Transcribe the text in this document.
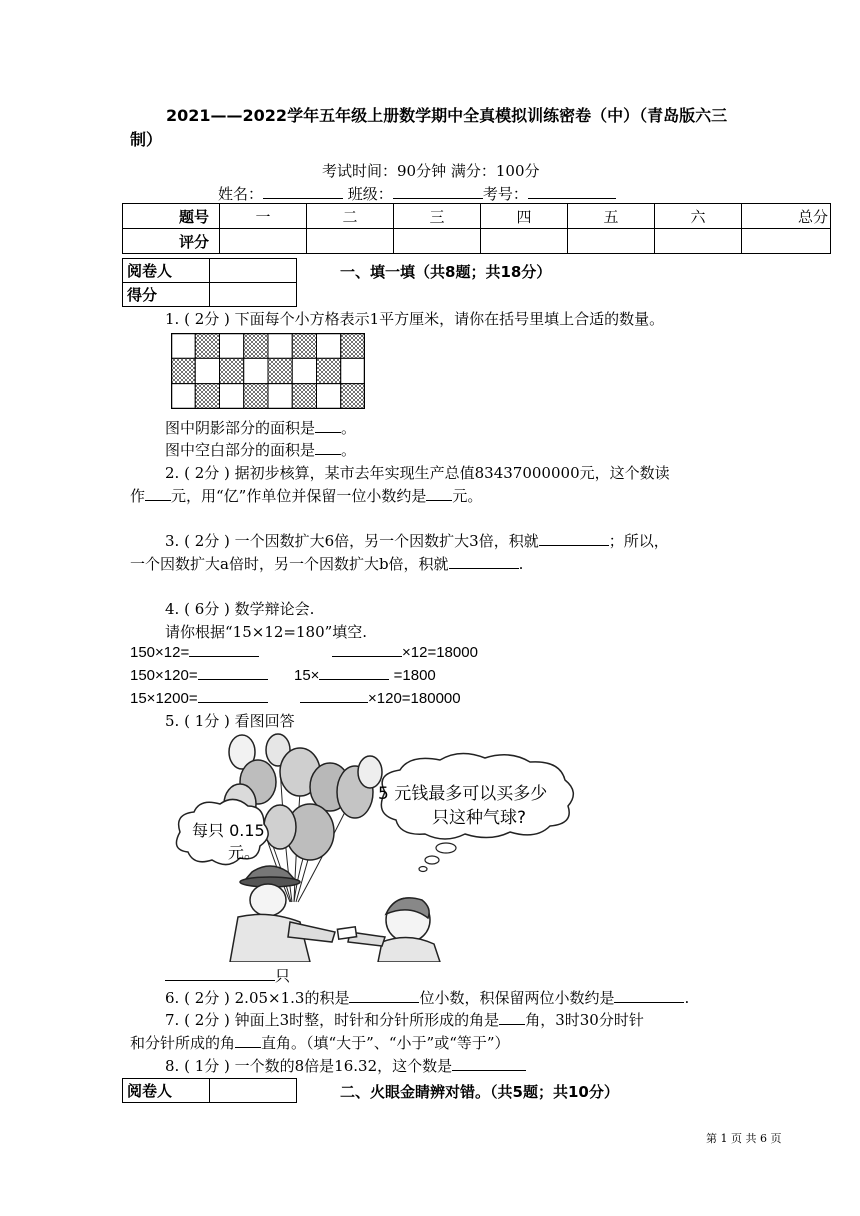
2021——2022学年五年级上册数学期中全真模拟训练密卷（中）（青岛版六三制）
考试时间：90分钟 满分：100分
姓名：	班级：	考号：
题号	一	二	三	四	五	六	总分
评分							
阅卷人	
得分	
一、填一填（共8题；共18分）
1. ( 2分 ) 下面每个小方格表示1平方厘米，请你在括号里填上合适的数量。
图中阴影部分的面积是 。
图中空白部分的面积是 。
2. ( 2分 ) 据初步核算，某市去年实现生产总值83437000000元，这个数读
作 元，用“亿”作单位并保留一位小数约是 元。
3. ( 2分 ) 一个因数扩大6倍，另一个因数扩大3倍，积就	；所以，
一个因数扩大a倍时，另一个因数扩大b倍，积就	.
4. ( 6分 ) 数学辩论会.
请你根据“15×12=180”填空.
150×12=	×12=18000
150×120=	15×	=1800
15×1200=	×120=180000
5. ( 1分 ) 看图回答
5 元钱最多可以买多少
只这种气球?
每只 0.15
元。
只
6. ( 2分 ) 2.05×1.3的积是	位小数，积保留两位小数约是	.
7. ( 2分 ) 钟面上3时整，时针和分针所形成的角是 角，3时30分时针
和分针所成的角 直角。（填“大于”、“小于”或“等于”）
8. ( 1分 ) 一个数的8倍是16.32，这个数是
阅卷人		二、火眼金睛辨对错。（共5题；共10分）
第 1 页 共 6 页
